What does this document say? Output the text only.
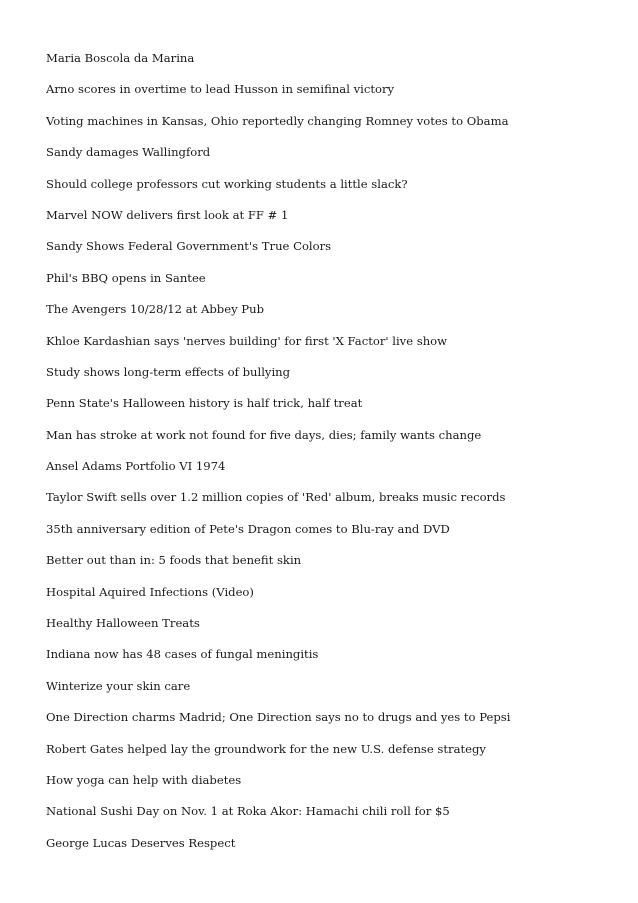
Maria Boscola da Marina
Arno scores in overtime to lead Husson in semifinal victory
Voting machines in Kansas, Ohio reportedly changing Romney votes to Obama
Sandy damages Wallingford
Should college professors cut working students a little slack?
Marvel NOW delivers first look at FF # 1
Sandy Shows Federal Government's True Colors
Phil's BBQ opens in Santee
The Avengers 10/28/12 at Abbey Pub
Khloe Kardashian says 'nerves building' for first 'X Factor' live show
Study shows long-term effects of bullying
Penn State's Halloween history is half trick, half treat
Man has stroke at work not found for five days, dies; family wants change
Ansel Adams Portfolio VI 1974
Taylor Swift sells over 1.2 million copies of 'Red' album, breaks music records
35th anniversary edition of Pete's Dragon comes to Blu-ray and DVD
Better out than in: 5 foods that benefit skin
Hospital Aquired Infections (Video)
Healthy Halloween Treats
Indiana now has 48 cases of fungal meningitis
Winterize your skin care
One Direction charms Madrid; One Direction says no to drugs and yes to Pepsi
Robert Gates helped lay the groundwork for the new U.S. defense strategy
How yoga can help with diabetes
National Sushi Day on Nov. 1 at Roka Akor: Hamachi chili roll for $5
George Lucas Deserves Respect
